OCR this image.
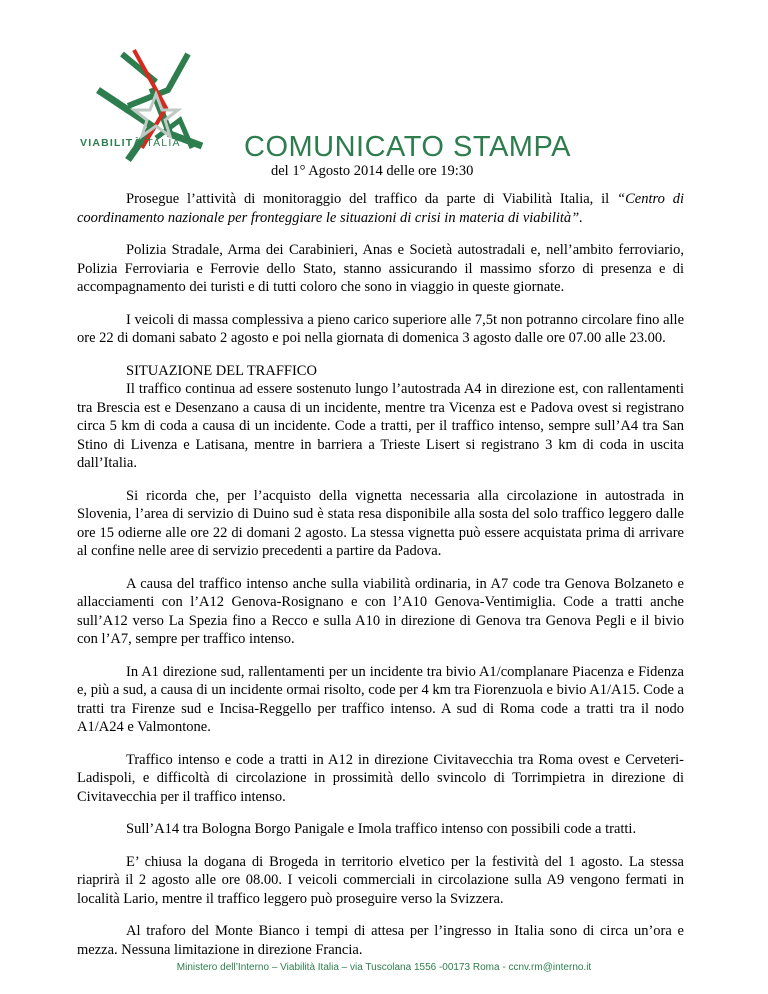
VIABILITÀITALIA COMUNICATO STAMPA
del 1° Agosto 2014 delle ore 19:30

Prosegue l’attività di monitoraggio del traffico da parte di Viabilità Italia, il “Centro di coordinamento nazionale per fronteggiare le situazioni di crisi in materia di viabilità”.

Polizia Stradale, Arma dei Carabinieri, Anas e Società autostradali e, nell’ambito ferroviario, Polizia Ferroviaria e Ferrovie dello Stato, stanno assicurando il massimo sforzo di presenza e di accompagnamento dei turisti e di tutti coloro che sono in viaggio in queste giornate.

I veicoli di massa complessiva a pieno carico superiore alle 7,5t non potranno circolare fino alle ore 22 di domani sabato 2 agosto e poi nella giornata di domenica 3 agosto dalle ore 07.00 alle 23.00.

SITUAZIONE DEL TRAFFICO

Il traffico continua ad essere sostenuto lungo l’autostrada A4 in direzione est, con rallentamenti tra Brescia est e Desenzano a causa di un incidente, mentre tra Vicenza est e Padova ovest si registrano circa 5 km di coda a causa di un incidente. Code a tratti, per il traffico intenso, sempre sull’A4 tra San Stino di Livenza e Latisana, mentre in barriera a Trieste Lisert si registrano 3 km di coda in uscita dall’Italia.

Si ricorda che, per l’acquisto della vignetta necessaria alla circolazione in autostrada in Slovenia, l’area di servizio di Duino sud è stata resa disponibile alla sosta del solo traffico leggero dalle ore 15 odierne alle ore 22 di domani 2 agosto. La stessa vignetta può essere acquistata prima di arrivare al confine nelle aree di servizio precedenti a partire da Padova.

A causa del traffico intenso anche sulla viabilità ordinaria, in A7 code tra Genova Bolzaneto e allacciamenti con l’A12 Genova-Rosignano e con l’A10 Genova-Ventimiglia. Code a tratti anche sull’A12 verso La Spezia fino a Recco e sulla A10 in direzione di Genova tra Genova Pegli e il bivio con l’A7, sempre per traffico intenso.

In A1 direzione sud, rallentamenti per un incidente tra bivio A1/complanare Piacenza e Fidenza e, più a sud, a causa di un incidente ormai risolto, code per 4 km tra Fiorenzuola e bivio A1/A15. Code a tratti tra Firenze sud e Incisa-Reggello per traffico intenso. A sud di Roma code a tratti tra il nodo A1/A24 e Valmontone.

Traffico intenso e code a tratti in A12 in direzione Civitavecchia tra Roma ovest e Cerveteri-Ladispoli, e difficoltà di circolazione in prossimità dello svincolo di Torrimpietra in direzione di Civitavecchia per il traffico intenso.

Sull’A14 tra Bologna Borgo Panigale e Imola traffico intenso con possibili code a tratti.

E’ chiusa la dogana di Brogeda in territorio elvetico per la festività del 1 agosto. La stessa riaprirà il 2 agosto alle ore 08.00. I veicoli commerciali in circolazione sulla A9 vengono fermati in località Lario, mentre il traffico leggero può proseguire verso la Svizzera.

Al traforo del Monte Bianco i tempi di attesa per l’ingresso in Italia sono di circa un’ora e mezza. Nessuna limitazione in direzione Francia.

Ministero dell’Interno – Viabilità Italia – via Tuscolana 1556 -00173 Roma - ccnv.rm@interno.it
